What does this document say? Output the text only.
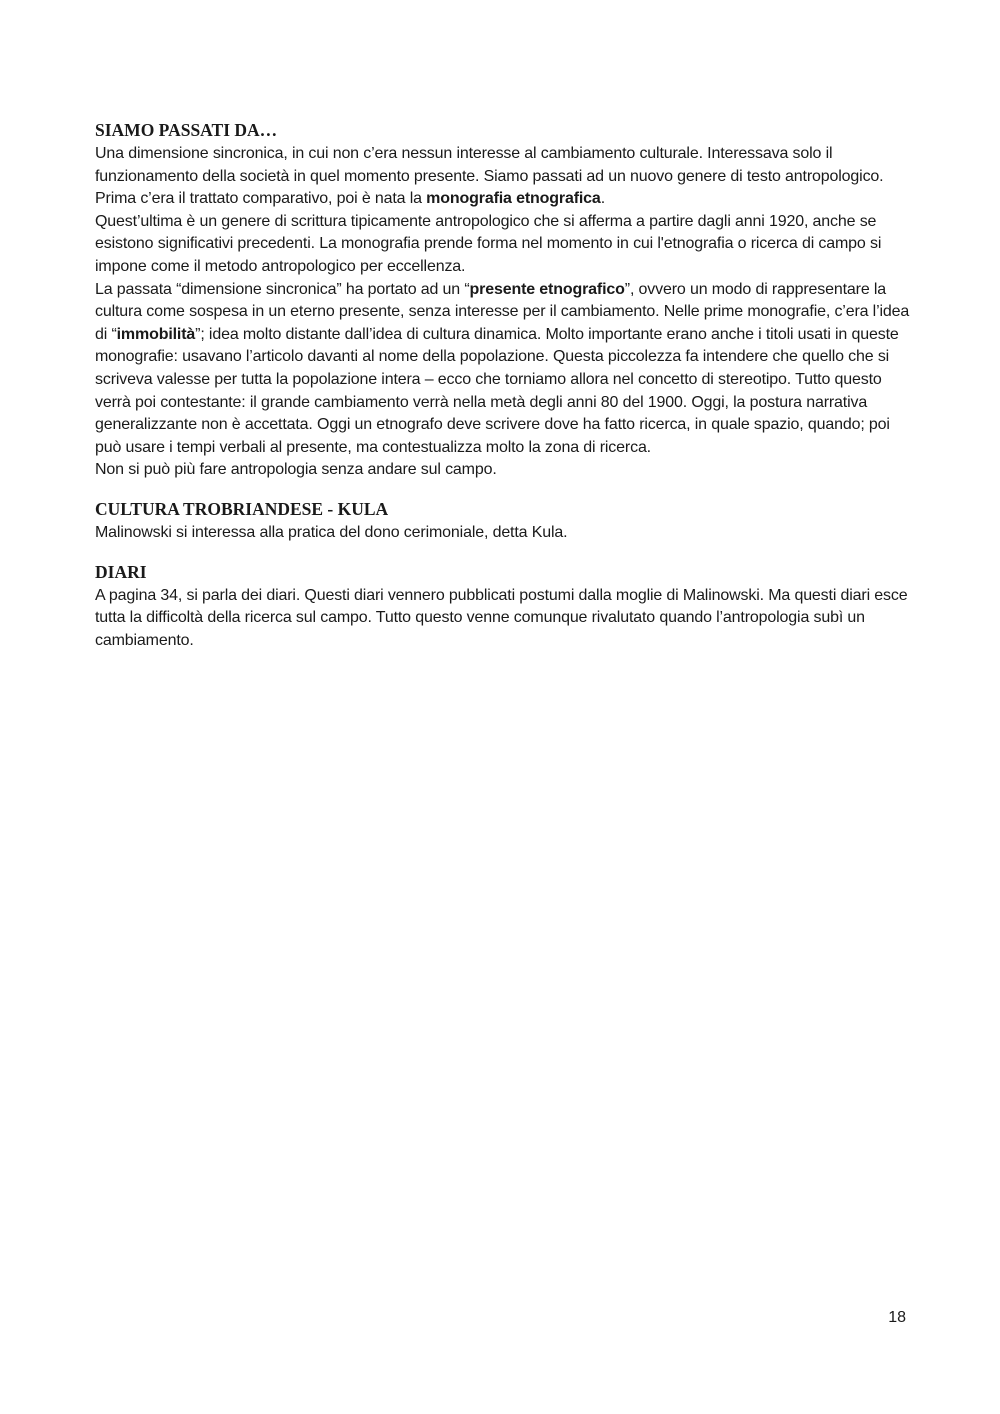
SIAMO PASSATI DA…

Una dimensione sincronica, in cui non c’era nessun interesse al cambiamento culturale. Interessava solo il funzionamento della società in quel momento presente. Siamo passati ad un nuovo genere di testo antropologico. Prima c’era il trattato comparativo, poi è nata la monografia etnografica.

Quest’ultima è un genere di scrittura tipicamente antropologico che si afferma a partire dagli anni 1920, anche se esistono significativi precedenti. La monografia prende forma nel momento in cui l'etnografia o ricerca di campo si impone come il metodo antropologico per eccellenza.

La passata “dimensione sincronica” ha portato ad un “presente etnografico”, ovvero un modo di rappresentare la cultura come sospesa in un eterno presente, senza interesse per il cambiamento. Nelle prime monografie, c’era l’idea di “immobilità”; idea molto distante dall’idea di cultura dinamica. Molto importante erano anche i titoli usati in queste monografie: usavano l’articolo davanti al nome della popolazione. Questa piccolezza fa intendere che quello che si scriveva valesse per tutta la popolazione intera – ecco che torniamo allora nel concetto di stereotipo. Tutto questo verrà poi contestante: il grande cambiamento verrà nella metà degli anni 80 del 1900. Oggi, la postura narrativa generalizzante non è accettata. Oggi un etnografo deve scrivere dove ha fatto ricerca, in quale spazio, quando; poi può usare i tempi verbali al presente, ma contestualizza molto la zona di ricerca.

Non si può più fare antropologia senza andare sul campo.

CULTURA TROBRIANDESE - KULA

Malinowski si interessa alla pratica del dono cerimoniale, detta Kula.

DIARI

A pagina 34, si parla dei diari. Questi diari vennero pubblicati postumi dalla moglie di Malinowski. Ma questi diari esce tutta la difficoltà della ricerca sul campo. Tutto questo venne comunque rivalutato quando l’antropologia subì un cambiamento.

18
